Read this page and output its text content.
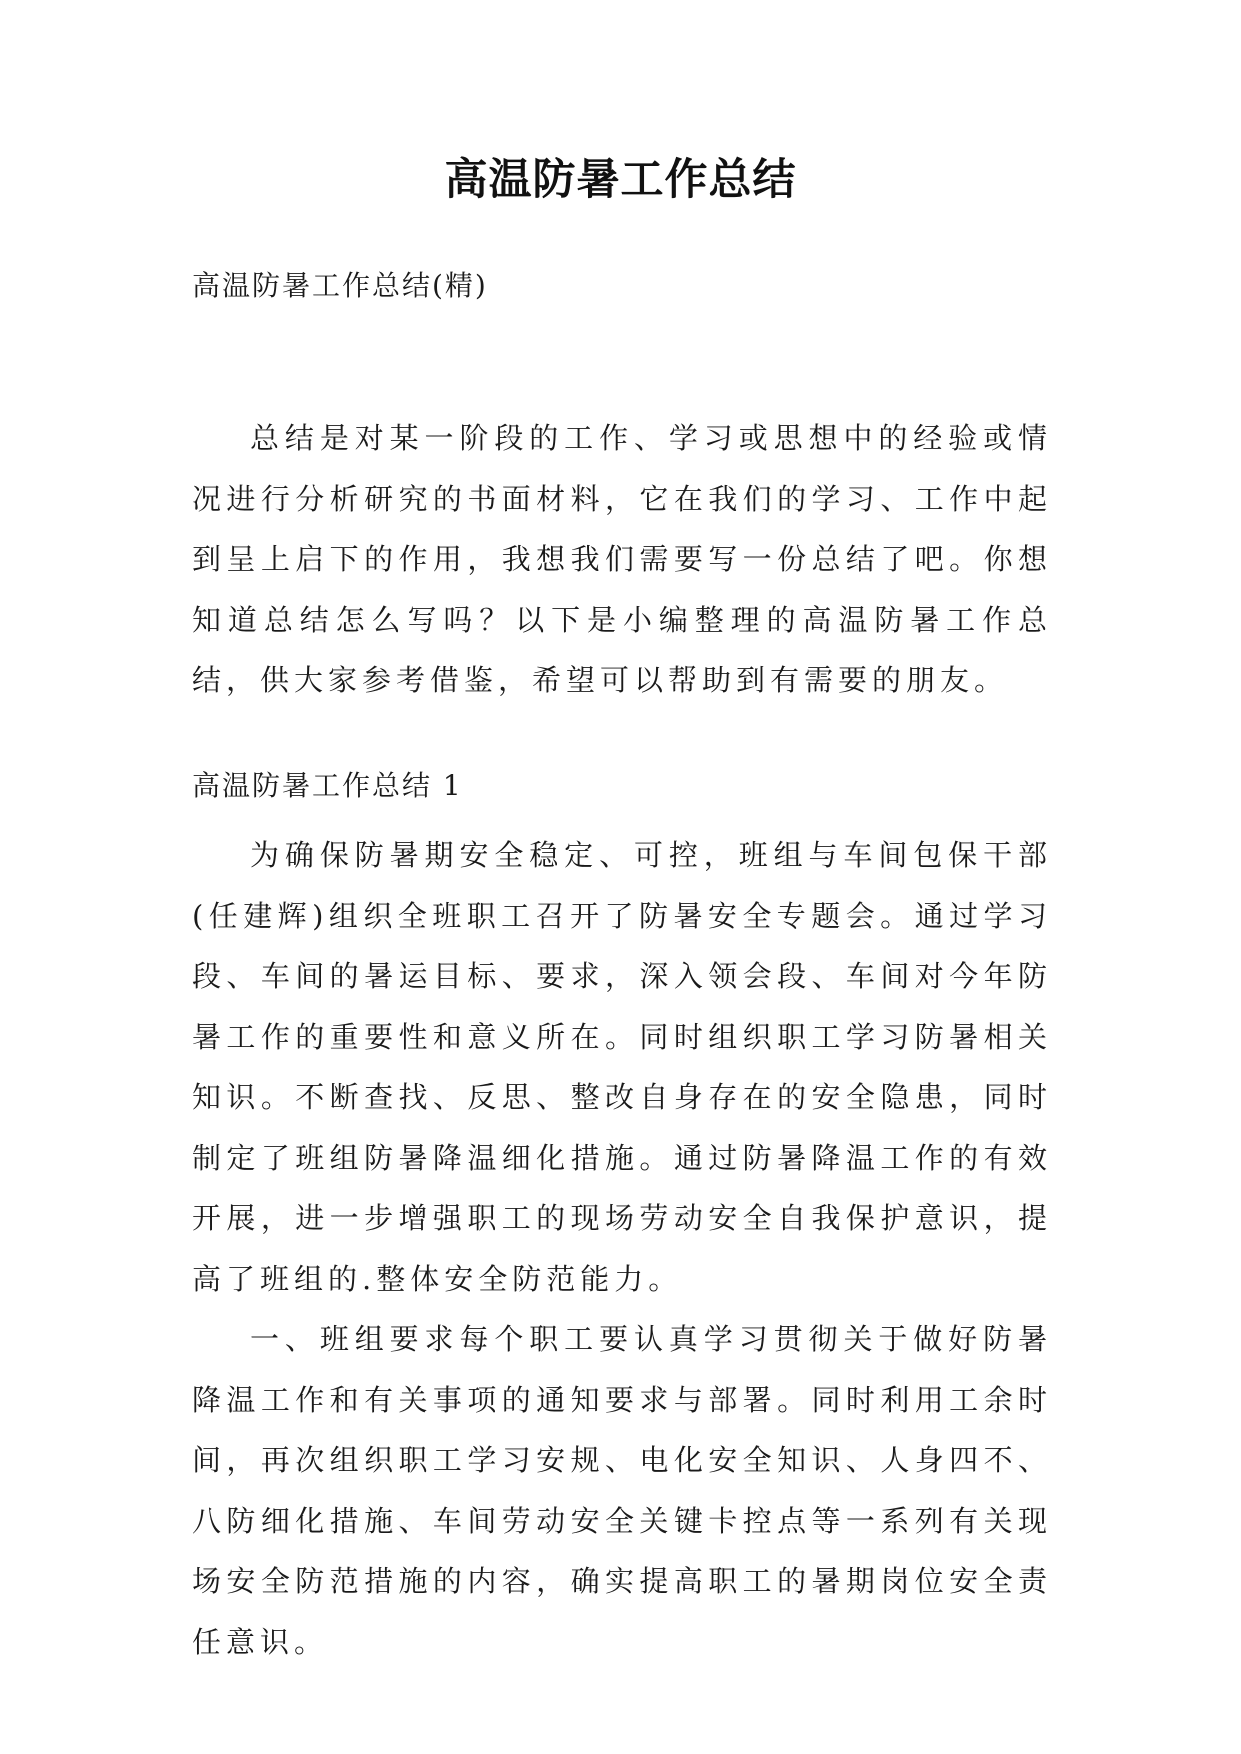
高温防暑工作总结

高温防暑工作总结(精)

总结是对某一阶段的工作、学习或思想中的经验或情况进行分析研究的书面材料，它在我们的学习、工作中起到呈上启下的作用，我想我们需要写一份总结了吧。你想知道总结怎么写吗？以下是小编整理的高温防暑工作总结，供大家参考借鉴，希望可以帮助到有需要的朋友。

高温防暑工作总结 1

为确保防暑期安全稳定、可控，班组与车间包保干部(任建辉)组织全班职工召开了防暑安全专题会。通过学习段、车间的暑运目标、要求，深入领会段、车间对今年防暑工作的重要性和意义所在。同时组织职工学习防暑相关知识。不断查找、反思、整改自身存在的安全隐患，同时制定了班组防暑降温细化措施。通过防暑降温工作的有效开展，进一步增强职工的现场劳动安全自我保护意识，提高了班组的.整体安全防范能力。

一、班组要求每个职工要认真学习贯彻关于做好防暑降温工作和有关事项的通知要求与部署。同时利用工余时间，再次组织职工学习安规、电化安全知识、人身四不、八防细化措施、车间劳动安全关键卡控点等一系列有关现场安全防范措施的内容，确实提高职工的暑期岗位安全责任意识。
